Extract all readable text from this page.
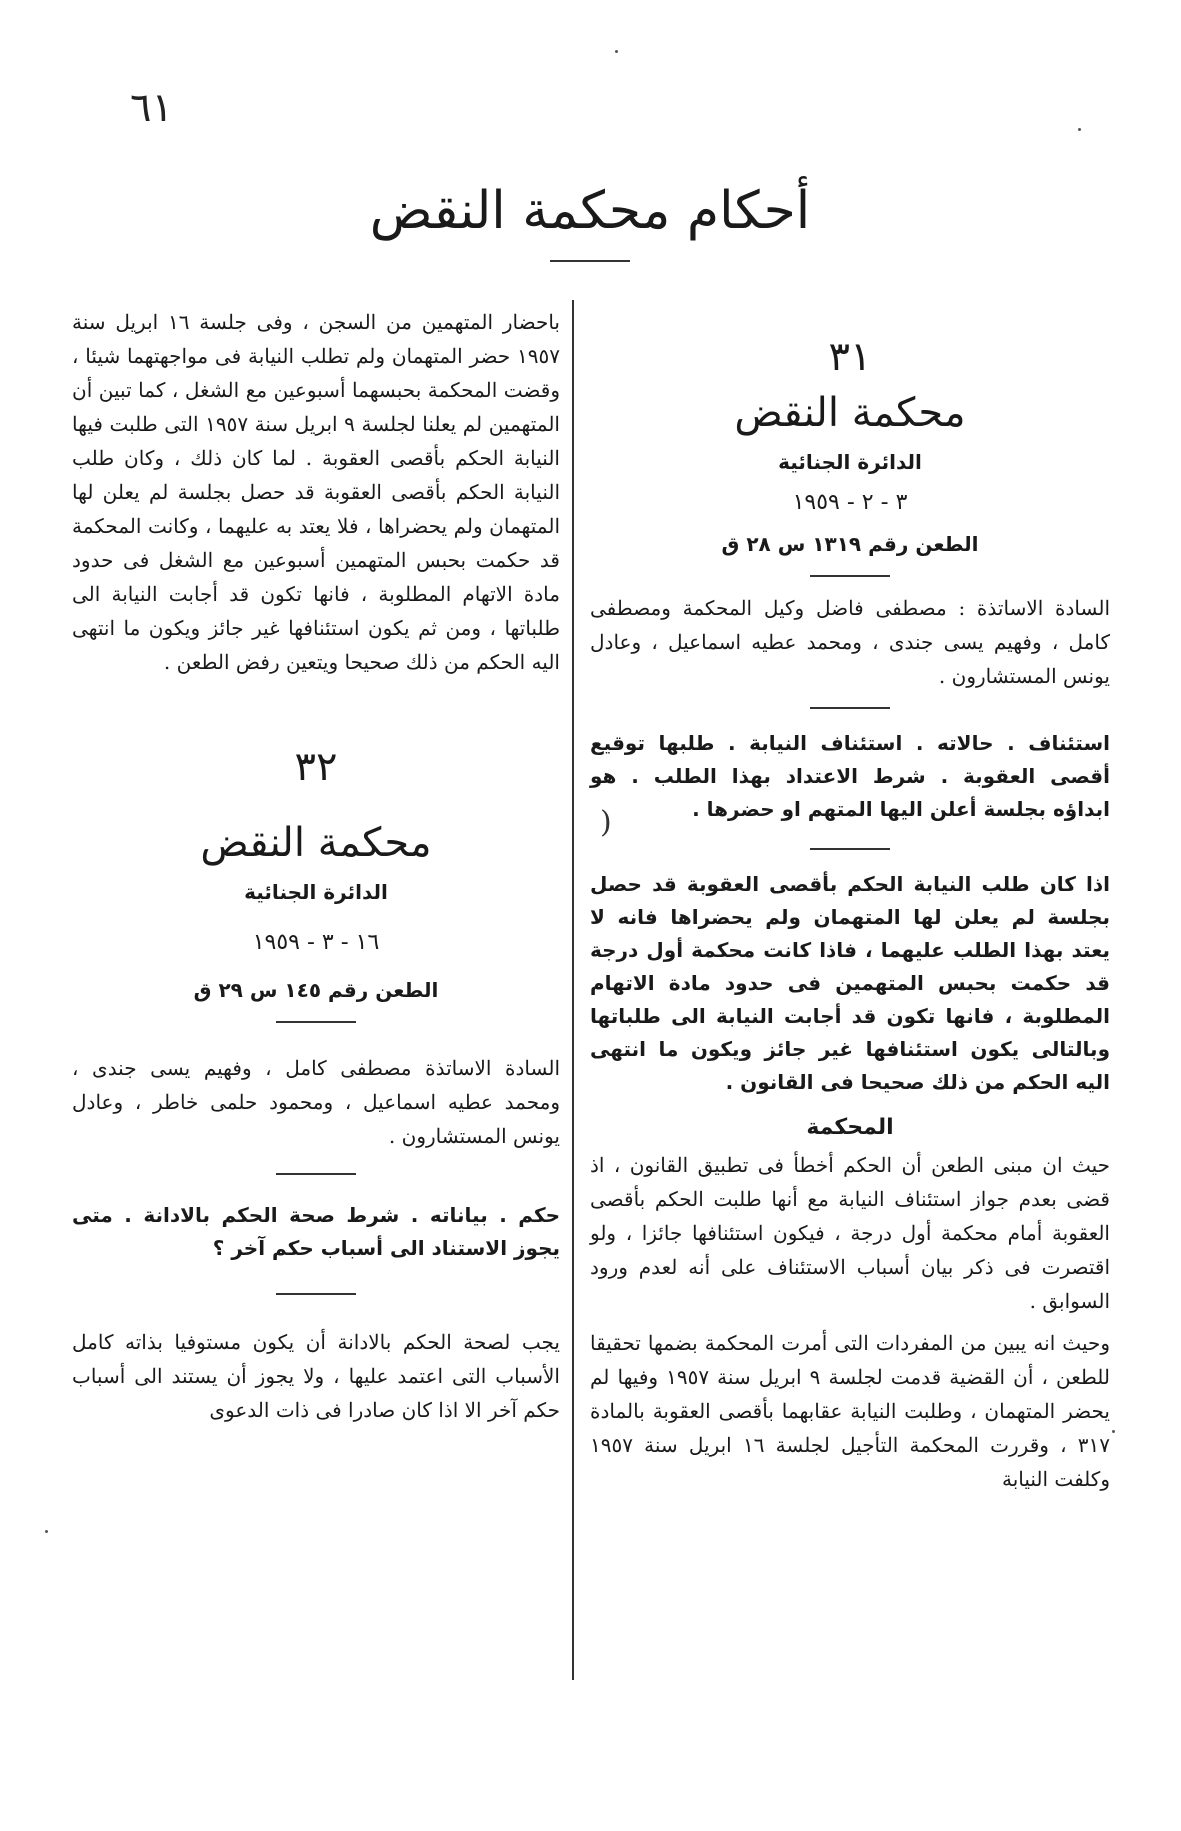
٦١
أحكام محكمة النقض

باحضار المتهمين من السجن ، وفى جلسة ١٦ ابريل سنة ١٩٥٧ حضر المتهمان ولم تطلب النيابة فى مواجهتهما شيئا ، وقضت المحكمة بحبسهما أسبوعين مع الشغل ، كما تبين أن المتهمين لم يعلنا لجلسة ٩ ابريل سنة ١٩٥٧ التى طلبت فيها النيابة الحكم بأقصى العقوبة . لما كان ذلك ، وكان طلب النيابة الحكم بأقصى العقوبة قد حصل بجلسة لم يعلن لها المتهمان ولم يحضراها ، فلا يعتد به عليهما ، وكانت المحكمة قد حكمت بحبس المتهمين أسبوعين مع الشغل فى حدود مادة الاتهام المطلوبة ، فانها تكون قد أجابت النيابة الى طلباتها ، ومن ثم يكون استئنافها غير جائز ويكون ما انتهى اليه الحكم من ذلك صحيحا ويتعين رفض الطعن .

٣٢

محكمة النقض

الدائرة الجنائية

١٦ - ٣ - ١٩٥٩

الطعن رقم ١٤٥ س ٢٩ ق

السادة الاساتذة مصطفى كامل ، وفهيم يسى جندى ، ومحمد عطيه اسماعيل ، ومحمود حلمى خاطر ، وعادل يونس المستشارون .

حكم . بياناته . شرط صحة الحكم بالادانة . متى يجوز الاستناد الى أسباب حكم آخر ؟

يجب لصحة الحكم بالادانة أن يكون مستوفيا بذاته كامل الأسباب التى اعتمد عليها ، ولا يجوز أن يستند الى أسباب حكم آخر الا اذا كان صادرا فى ذات الدعوى

٣١

محكمة النقض

الدائرة الجنائية

٣ - ٢ - ١٩٥٩

الطعن رقم ١٣١٩ س ٢٨ ق

السادة الاساتذة : مصطفى فاضل وكيل المحكمة ومصطفى كامل ، وفهيم يسى جندى ، ومحمد عطيه اسماعيل ، وعادل يونس المستشارون .

استئناف . حالاته . استئناف النيابة . طلبها توقيع أقصى العقوبة . شرط الاعتداد بهذا الطلب . هو ابداؤه بجلسة أعلن اليها المتهم او حضرها .

اذا كان طلب النيابة الحكم بأقصى العقوبة قد حصل بجلسة لم يعلن لها المتهمان ولم يحضراها فانه لا يعتد بهذا الطلب عليهما ، فاذا كانت محكمة أول درجة قد حكمت بحبس المتهمين فى حدود مادة الاتهام المطلوبة ، فانها تكون قد أجابت النيابة الى طلباتها وبالتالى يكون استئنافها غير جائز ويكون ما انتهى اليه الحكم من ذلك صحيحا فى القانون .

المحكمة

حيث ان مبنى الطعن أن الحكم أخطأ فى تطبيق القانون ، اذ قضى بعدم جواز استئناف النيابة مع أنها طلبت الحكم بأقصى العقوبة أمام محكمة أول درجة ، فيكون استئنافها جائزا ، ولو اقتصرت فى ذكر بيان أسباب الاستئناف على أنه لعدم ورود السوابق .

وحيث انه يبين من المفردات التى أمرت المحكمة بضمها تحقيقا للطعن ، أن القضية قدمت لجلسة ٩ ابريل سنة ١٩٥٧ وفيها لم يحضر المتهمان ، وطلبت النيابة عقابهما بأقصى العقوبة بالمادة ٣١٧ ، وقررت المحكمة التأجيل لجلسة ١٦ ابريل سنة ١٩٥٧ وكلفت النيابة

)
